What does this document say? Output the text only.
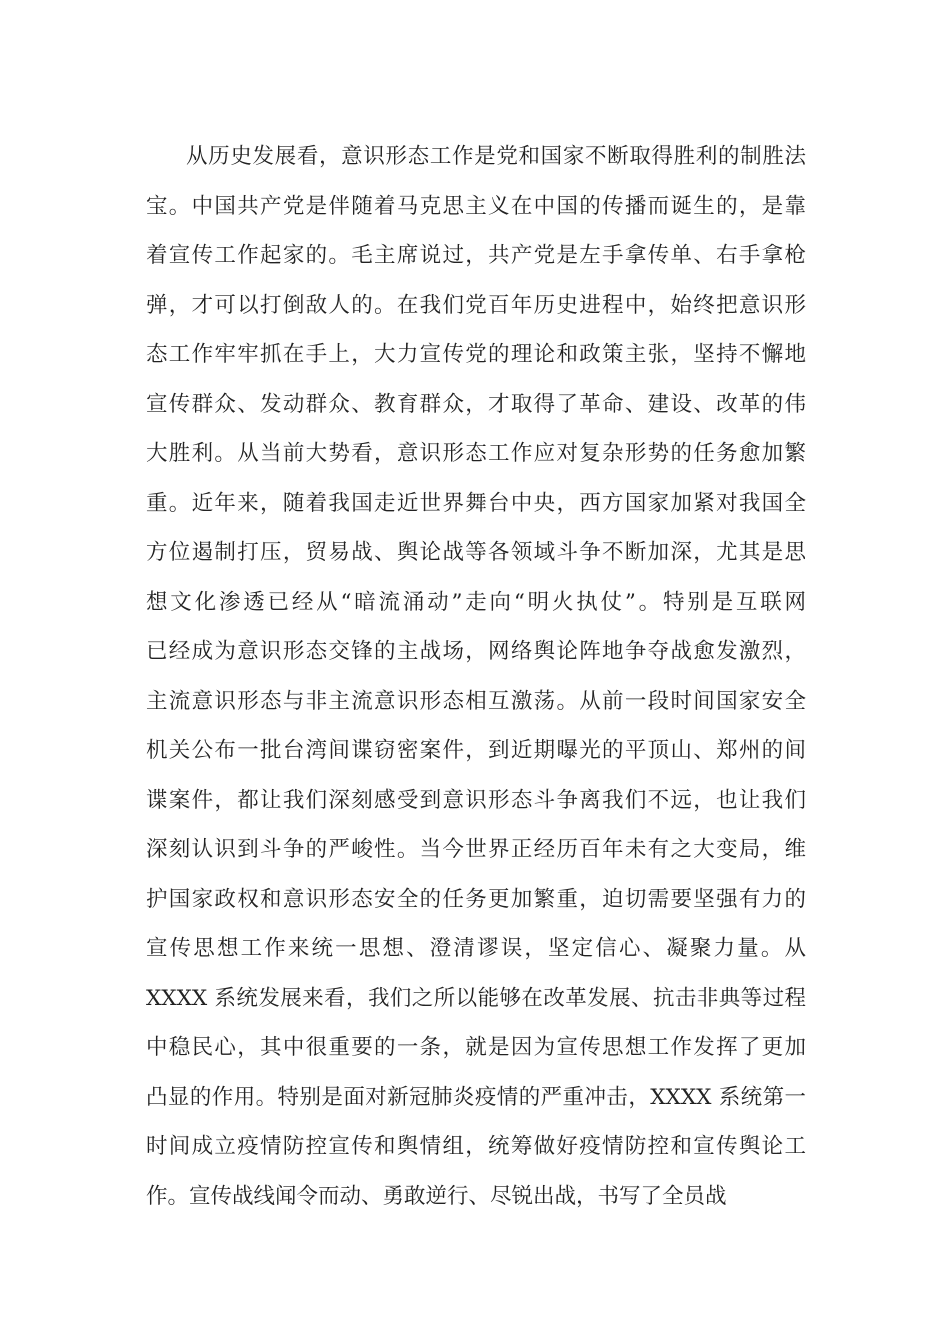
从历史发展看，意识形态工作是党和国家不断取得胜利的制胜法
宝。中国共产党是伴随着马克思主义在中国的传播而诞生的，是靠
着宣传工作起家的。毛主席说过，共产党是左手拿传单、右手拿枪
弹，才可以打倒敌人的。在我们党百年历史进程中，始终把意识形
态工作牢牢抓在手上，大力宣传党的理论和政策主张，坚持不懈地
宣传群众、发动群众、教育群众，才取得了革命、建设、改革的伟
大胜利。从当前大势看，意识形态工作应对复杂形势的任务愈加繁
重。近年来，随着我国走近世界舞台中央，西方国家加紧对我国全
方位遏制打压，贸易战、舆论战等各领域斗争不断加深，尤其是思
想文化渗透已经从“暗流涌动”走向“明火执仗”。特别是互联网
已经成为意识形态交锋的主战场，网络舆论阵地争夺战愈发激烈，
主流意识形态与非主流意识形态相互激荡。从前一段时间国家安全
机关公布一批台湾间谍窃密案件，到近期曝光的平顶山、郑州的间
谍案件，都让我们深刻感受到意识形态斗争离我们不远，也让我们
深刻认识到斗争的严峻性。当今世界正经历百年未有之大变局，维
护国家政权和意识形态安全的任务更加繁重，迫切需要坚强有力的
宣传思想工作来统一思想、澄清谬误，坚定信心、凝聚力量。从
XXXX 系统发展来看，我们之所以能够在改革发展、抗击非典等过程
中稳民心，其中很重要的一条，就是因为宣传思想工作发挥了更加
凸显的作用。特别是面对新冠肺炎疫情的严重冲击，XXXX 系统第一
时间成立疫情防控宣传和舆情组，统筹做好疫情防控和宣传舆论工
作。宣传战线闻令而动、勇敢逆行、尽锐出战，书写了全员战
